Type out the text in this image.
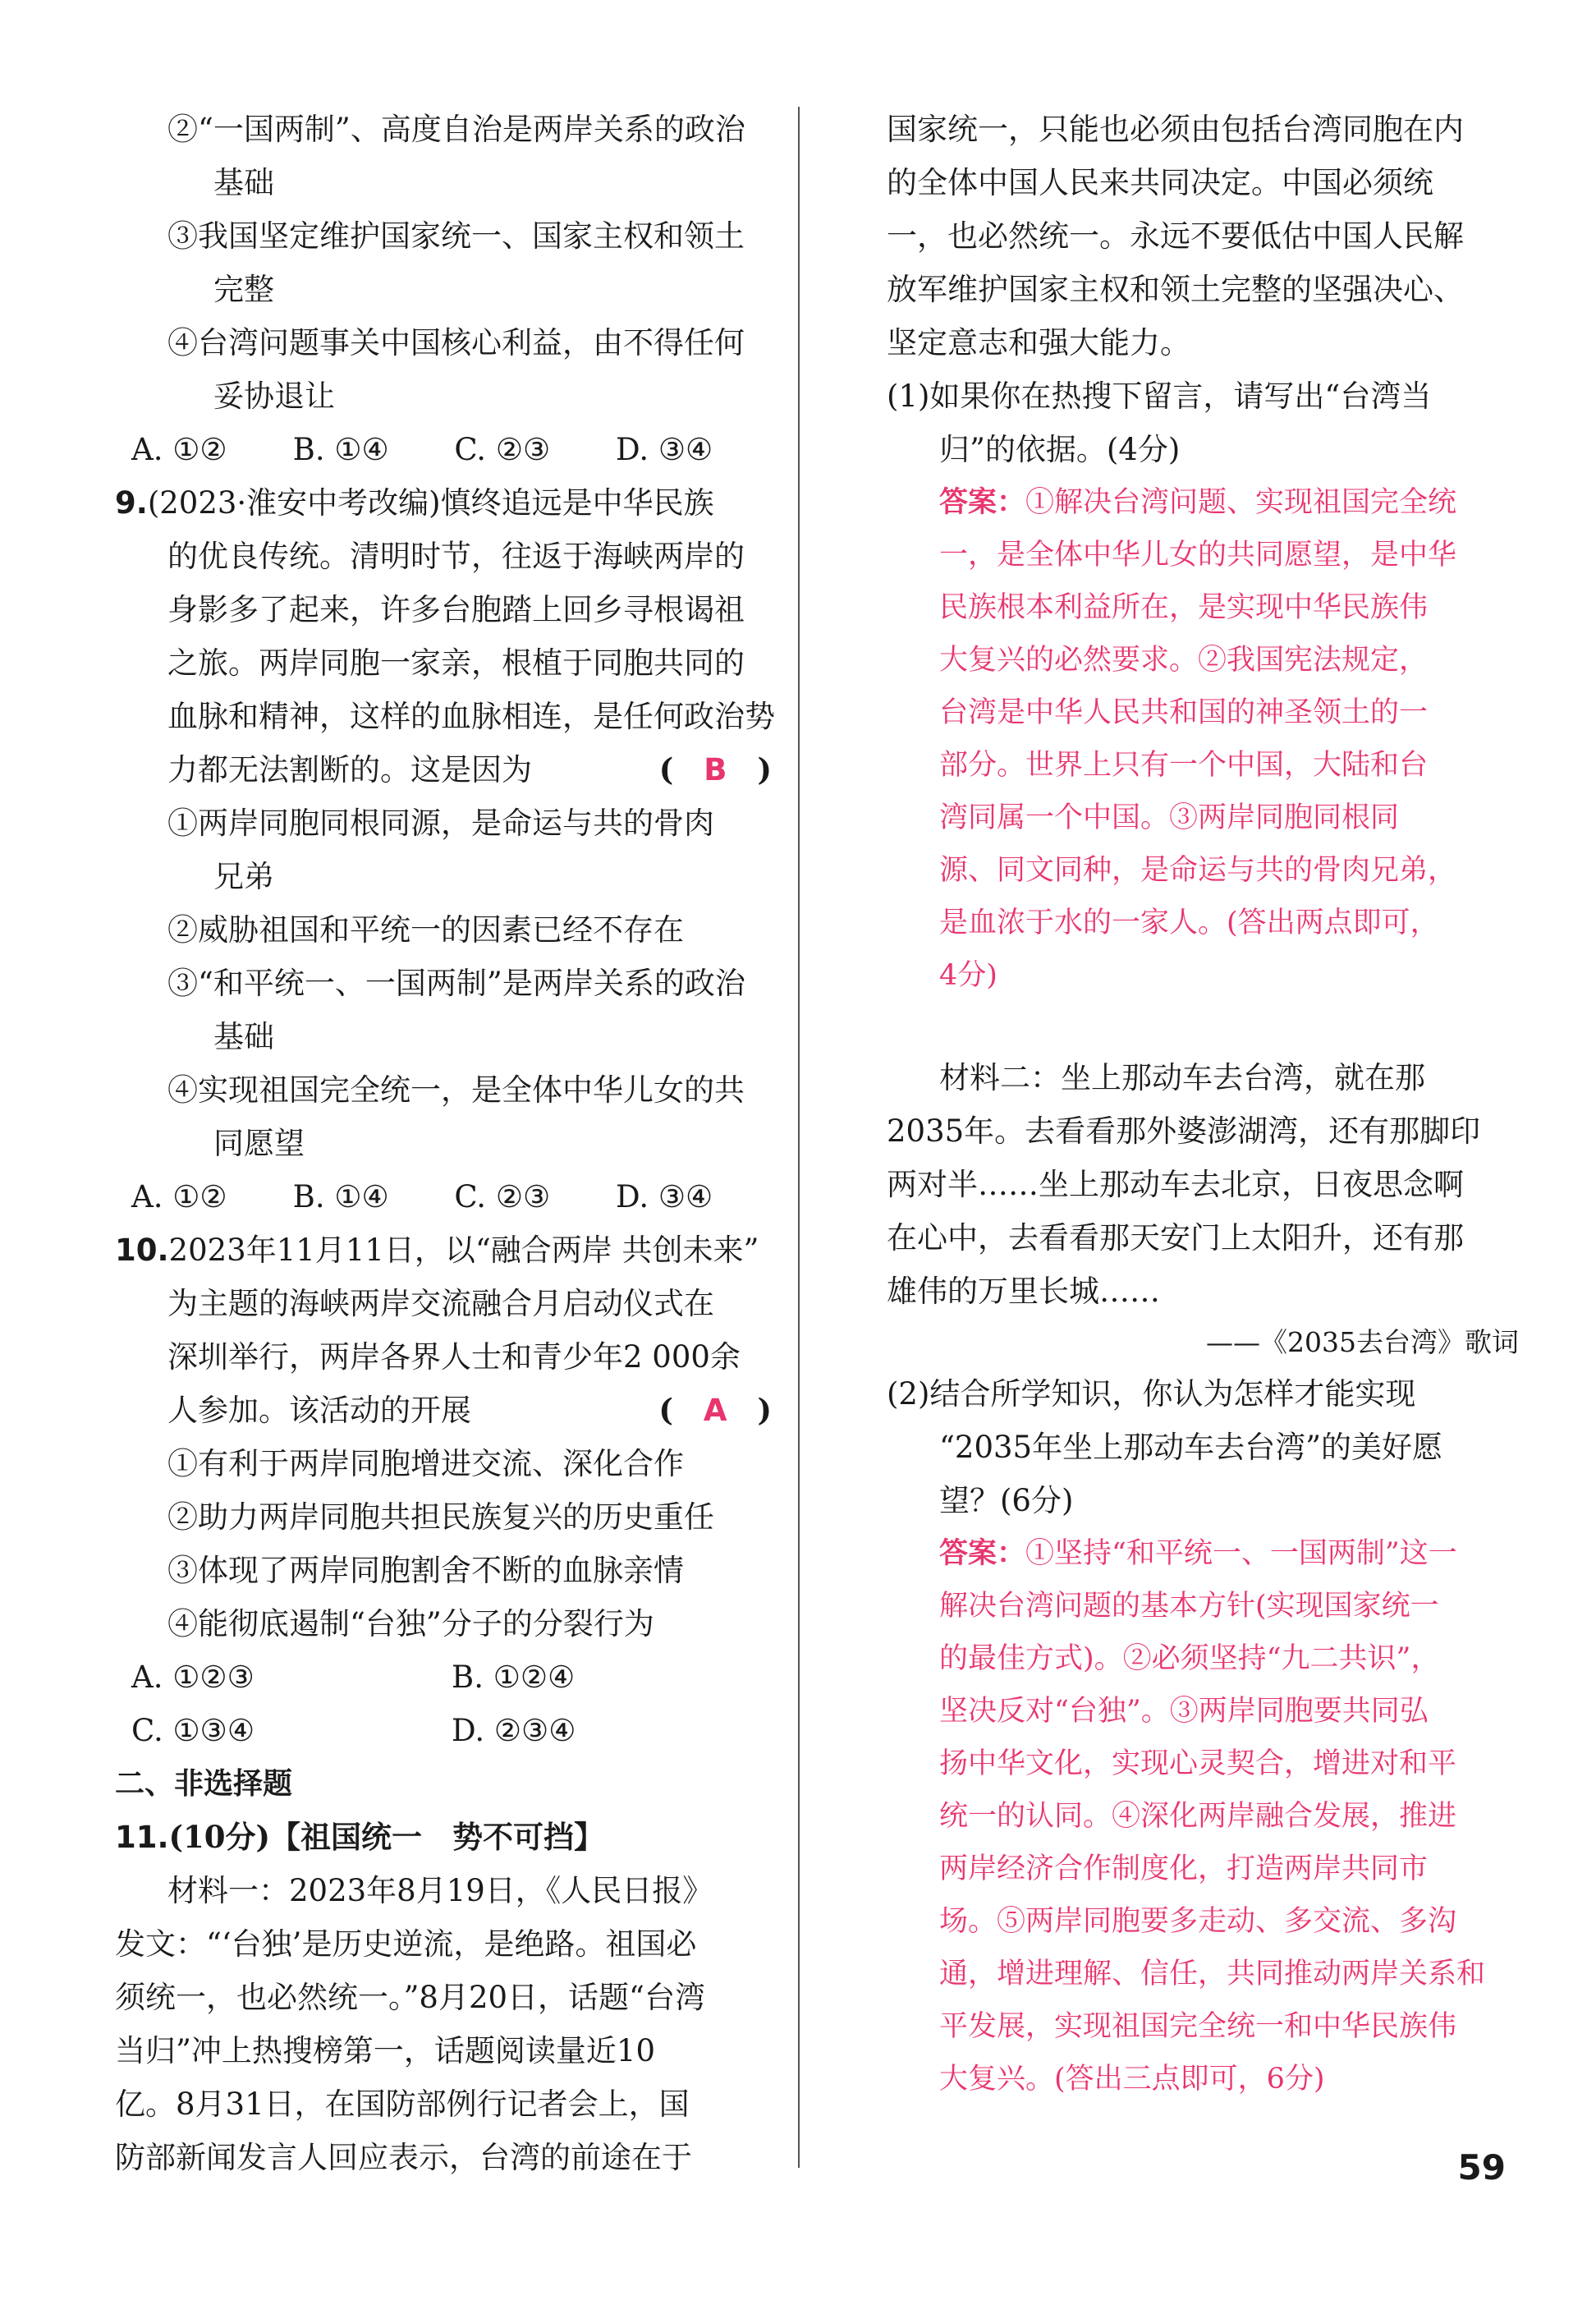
②“一国两制”、高度自治是两岸关系的政治
基础
③我国坚定维护国家统一、国家主权和领土
完整
④台湾问题事关中国核心利益，由不得任何
妥协退让
A. ①②	B. ①④	C. ②③	D. ③④
9.(2023·淮安中考改编)慎终追远是中华民族
的优良传统。清明时节，往返于海峡两岸的
身影多了起来，许多台胞踏上回乡寻根谒祖
之旅。两岸同胞一家亲，根植于同胞共同的
血脉和精神，这样的血脉相连，是任何政治势
力都无法割断的。这是因为	(　B　)
①两岸同胞同根同源，是命运与共的骨肉
兄弟
②威胁祖国和平统一的因素已经不存在
③“和平统一、一国两制”是两岸关系的政治
基础
④实现祖国完全统一，是全体中华儿女的共
同愿望
A. ①②	B. ①④	C. ②③	D. ③④
10.2023年11月11日，以“融合两岸 共创未来”
为主题的海峡两岸交流融合月启动仪式在
深圳举行，两岸各界人士和青少年2 000余
人参加。该活动的开展	(　A　)
①有利于两岸同胞增进交流、深化合作
②助力两岸同胞共担民族复兴的历史重任
③体现了两岸同胞割舍不断的血脉亲情
④能彻底遏制“台独”分子的分裂行为
A. ①②③	B. ①②④
C. ①③④	D. ②③④
二、非选择题
11.(10分)【祖国统一　势不可挡】
材料一：2023年8月19日，《人民日报》
发文：“‘台独’是历史逆流，是绝路。祖国必
须统一，也必然统一。”8月20日，话题“台湾
当归”冲上热搜榜第一，话题阅读量近10
亿。8月31日，在国防部例行记者会上，国
防部新闻发言人回应表示，台湾的前途在于
国家统一，只能也必须由包括台湾同胞在内
的全体中国人民来共同决定。中国必须统
一，也必然统一。永远不要低估中国人民解
放军维护国家主权和领土完整的坚强决心、
坚定意志和强大能力。
(1)如果你在热搜下留言，请写出“台湾当
归”的依据。(4分)
答案：①解决台湾问题、实现祖国完全统
一，是全体中华儿女的共同愿望，是中华
民族根本利益所在，是实现中华民族伟
大复兴的必然要求。②我国宪法规定，
台湾是中华人民共和国的神圣领土的一
部分。世界上只有一个中国，大陆和台
湾同属一个中国。③两岸同胞同根同
源、同文同种，是命运与共的骨肉兄弟，
是血浓于水的一家人。(答出两点即可，
4分)
材料二：坐上那动车去台湾，就在那
2035年。去看看那外婆澎湖湾，还有那脚印
两对半……坐上那动车去北京，日夜思念啊
在心中，去看看那天安门上太阳升，还有那
雄伟的万里长城……
——《2035去台湾》歌词
(2)结合所学知识，你认为怎样才能实现
“2035年坐上那动车去台湾”的美好愿
望？(6分)
答案：①坚持“和平统一、一国两制”这一
解决台湾问题的基本方针(实现国家统一
的最佳方式)。②必须坚持“九二共识”，
坚决反对“台独”。③两岸同胞要共同弘
扬中华文化，实现心灵契合，增进对和平
统一的认同。④深化两岸融合发展，推进
两岸经济合作制度化，打造两岸共同市
场。⑤两岸同胞要多走动、多交流、多沟
通，增进理解、信任，共同推动两岸关系和
平发展，实现祖国完全统一和中华民族伟
大复兴。(答出三点即可，6分)
59
